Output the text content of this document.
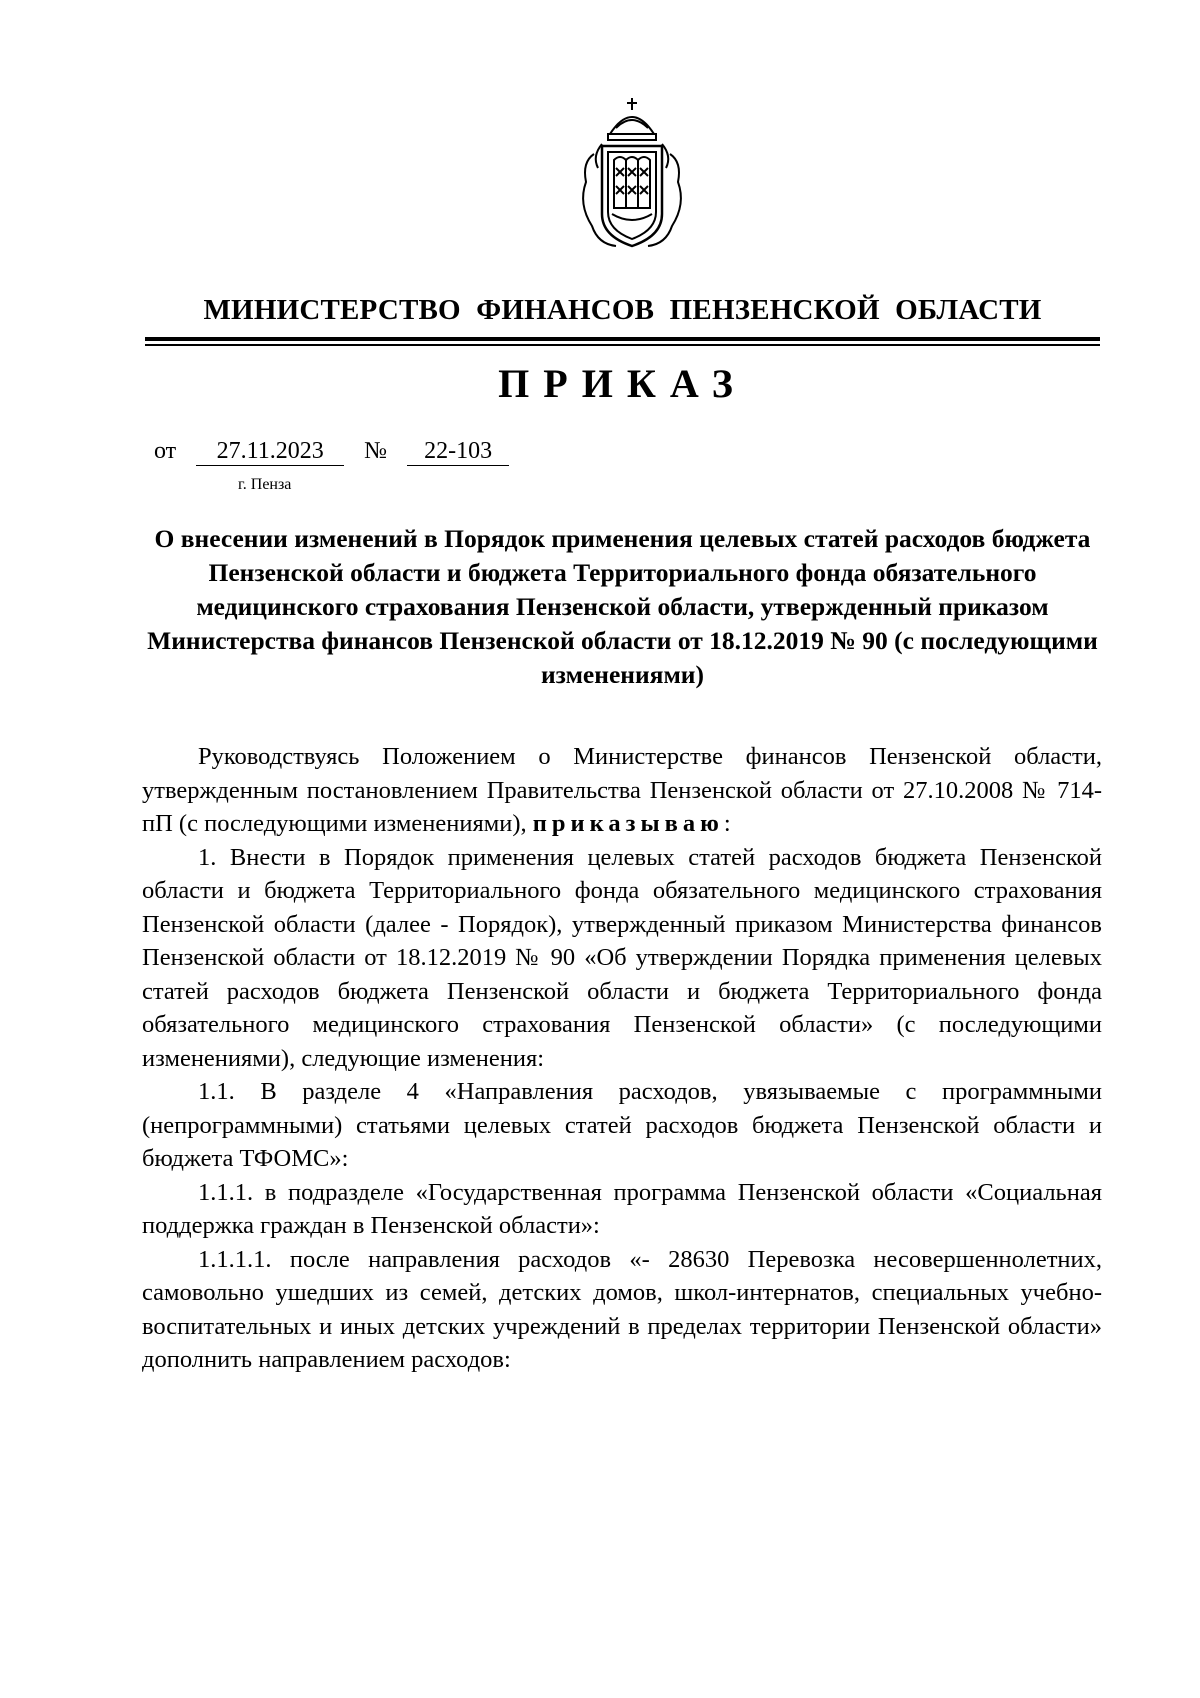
МИНИСТЕРСТВО ФИНАНСОВ ПЕНЗЕНСКОЙ ОБЛАСТИ
ПРИКАЗ
от 27.11.2023 № 22-103
г. Пенза
О внесении изменений в Порядок применения целевых статей расходов бюджета Пензенской области и бюджета Территориального фонда обязательного медицинского страхования Пензенской области, утвержденный приказом Министерства финансов Пензенской области от 18.12.2019 № 90 (с последующими изменениями)

Руководствуясь Положением о Министерстве финансов Пензенской области, утвержденным постановлением Правительства Пензенской области от 27.10.2008 № 714-пП (с последующими изменениями), приказываю:

1. Внести в Порядок применения целевых статей расходов бюджета Пензенской области и бюджета Территориального фонда обязательного медицинского страхования Пензенской области (далее - Порядок), утвержденный приказом Министерства финансов Пензенской области от 18.12.2019 № 90 «Об утверждении Порядка применения целевых статей расходов бюджета Пензенской области и бюджета Территориального фонда обязательного медицинского страхования Пензенской области» (с последующими изменениями), следующие изменения:

1.1. В разделе 4 «Направления расходов, увязываемые с программными (непрограммными) статьями целевых статей расходов бюджета Пензенской области и бюджета ТФОМС»:

1.1.1. в подразделе «Государственная программа Пензенской области «Социальная поддержка граждан в Пензенской области»:

1.1.1.1. после направления расходов «- 28630 Перевозка несовершеннолетних, самовольно ушедших из семей, детских домов, школ-интернатов, специальных учебно-воспитательных и иных детских учреждений в пределах территории Пензенской области» дополнить направлением расходов:
